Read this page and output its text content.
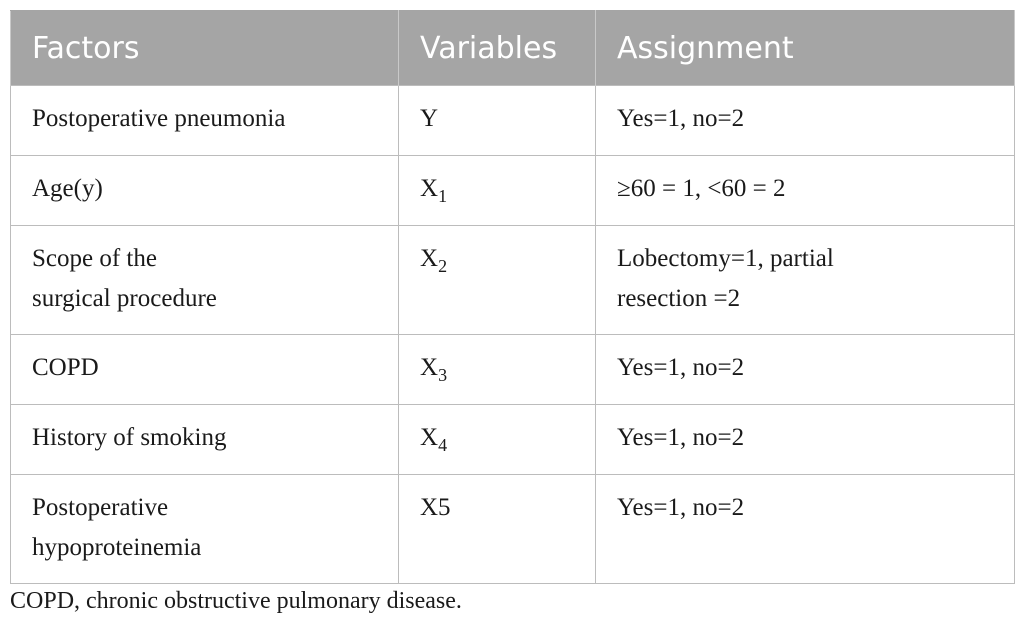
Factors	Variables	Assignment

Postoperative pneumonia	Y	Yes=1, no=2

Age(y)	$X_1$	≥60 = 1, <60 = 2

Scope of the
surgical procedure	$X_2$	Lobectomy=1, partial
resection =2

COPD	$X_3$	Yes=1, no=2

History of smoking	$X_4$	Yes=1, no=2

Postoperative
hypoproteinemia	X5	Yes=1, no=2
COPD, chronic obstructive pulmonary disease.
